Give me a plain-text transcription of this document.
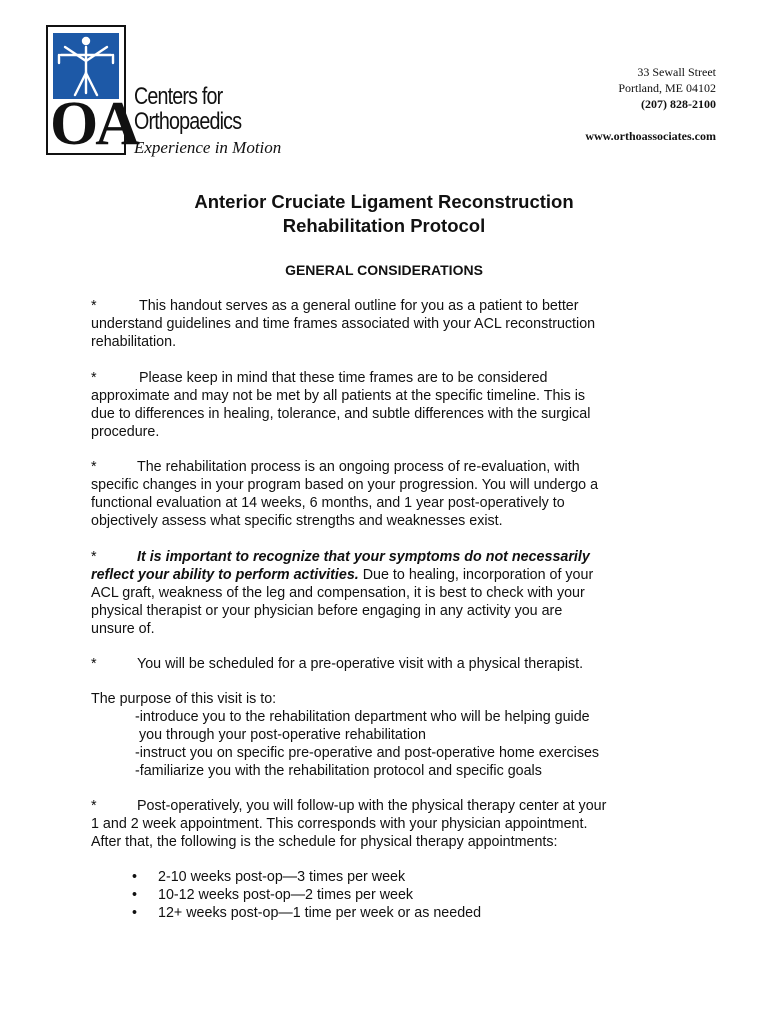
OA
Centers for
Orthopaedics
Experience in Motion
33 Sewall Street
Portland, ME 04102
(207) 828-2100
www.orthoassociates.com
Anterior Cruciate Ligament Reconstruction
Rehabilitation Protocol
GENERAL CONSIDERATIONS
*	This handout serves as a general outline for you as a patient to better
understand guidelines and time frames associated with your ACL reconstruction
rehabilitation.
*	Please keep in mind that these time frames are to be considered
approximate and may not be met by all patients at the specific timeline. This is
due to differences in healing, tolerance, and subtle differences with the surgical
procedure.
*	The rehabilitation process is an ongoing process of re-evaluation, with
specific changes in your program based on your progression. You will undergo a
functional evaluation at 14 weeks, 6 months, and 1 year post-operatively to
objectively assess what specific strengths and weaknesses exist.
*	It is important to recognize that your symptoms do not necessarily
reflect your ability to perform activities. Due to healing, incorporation of your
ACL graft, weakness of the leg and compensation, it is best to check with your
physical therapist or your physician before engaging in any activity you are
unsure of.
*	You will be scheduled for a pre-operative visit with a physical therapist.
The purpose of this visit is to:
-introduce you to the rehabilitation department who will be helping guide
you through your post-operative rehabilitation
-instruct you on specific pre-operative and post-operative home exercises
-familiarize you with the rehabilitation protocol and specific goals
*	Post-operatively, you will follow-up with the physical therapy center at your
1 and 2 week appointment. This corresponds with your physician appointment.
After that, the following is the schedule for physical therapy appointments:
•	2-10 weeks post-op—3 times per week
•	10-12 weeks post-op—2 times per week
•	12+ weeks post-op—1 time per week or as needed
